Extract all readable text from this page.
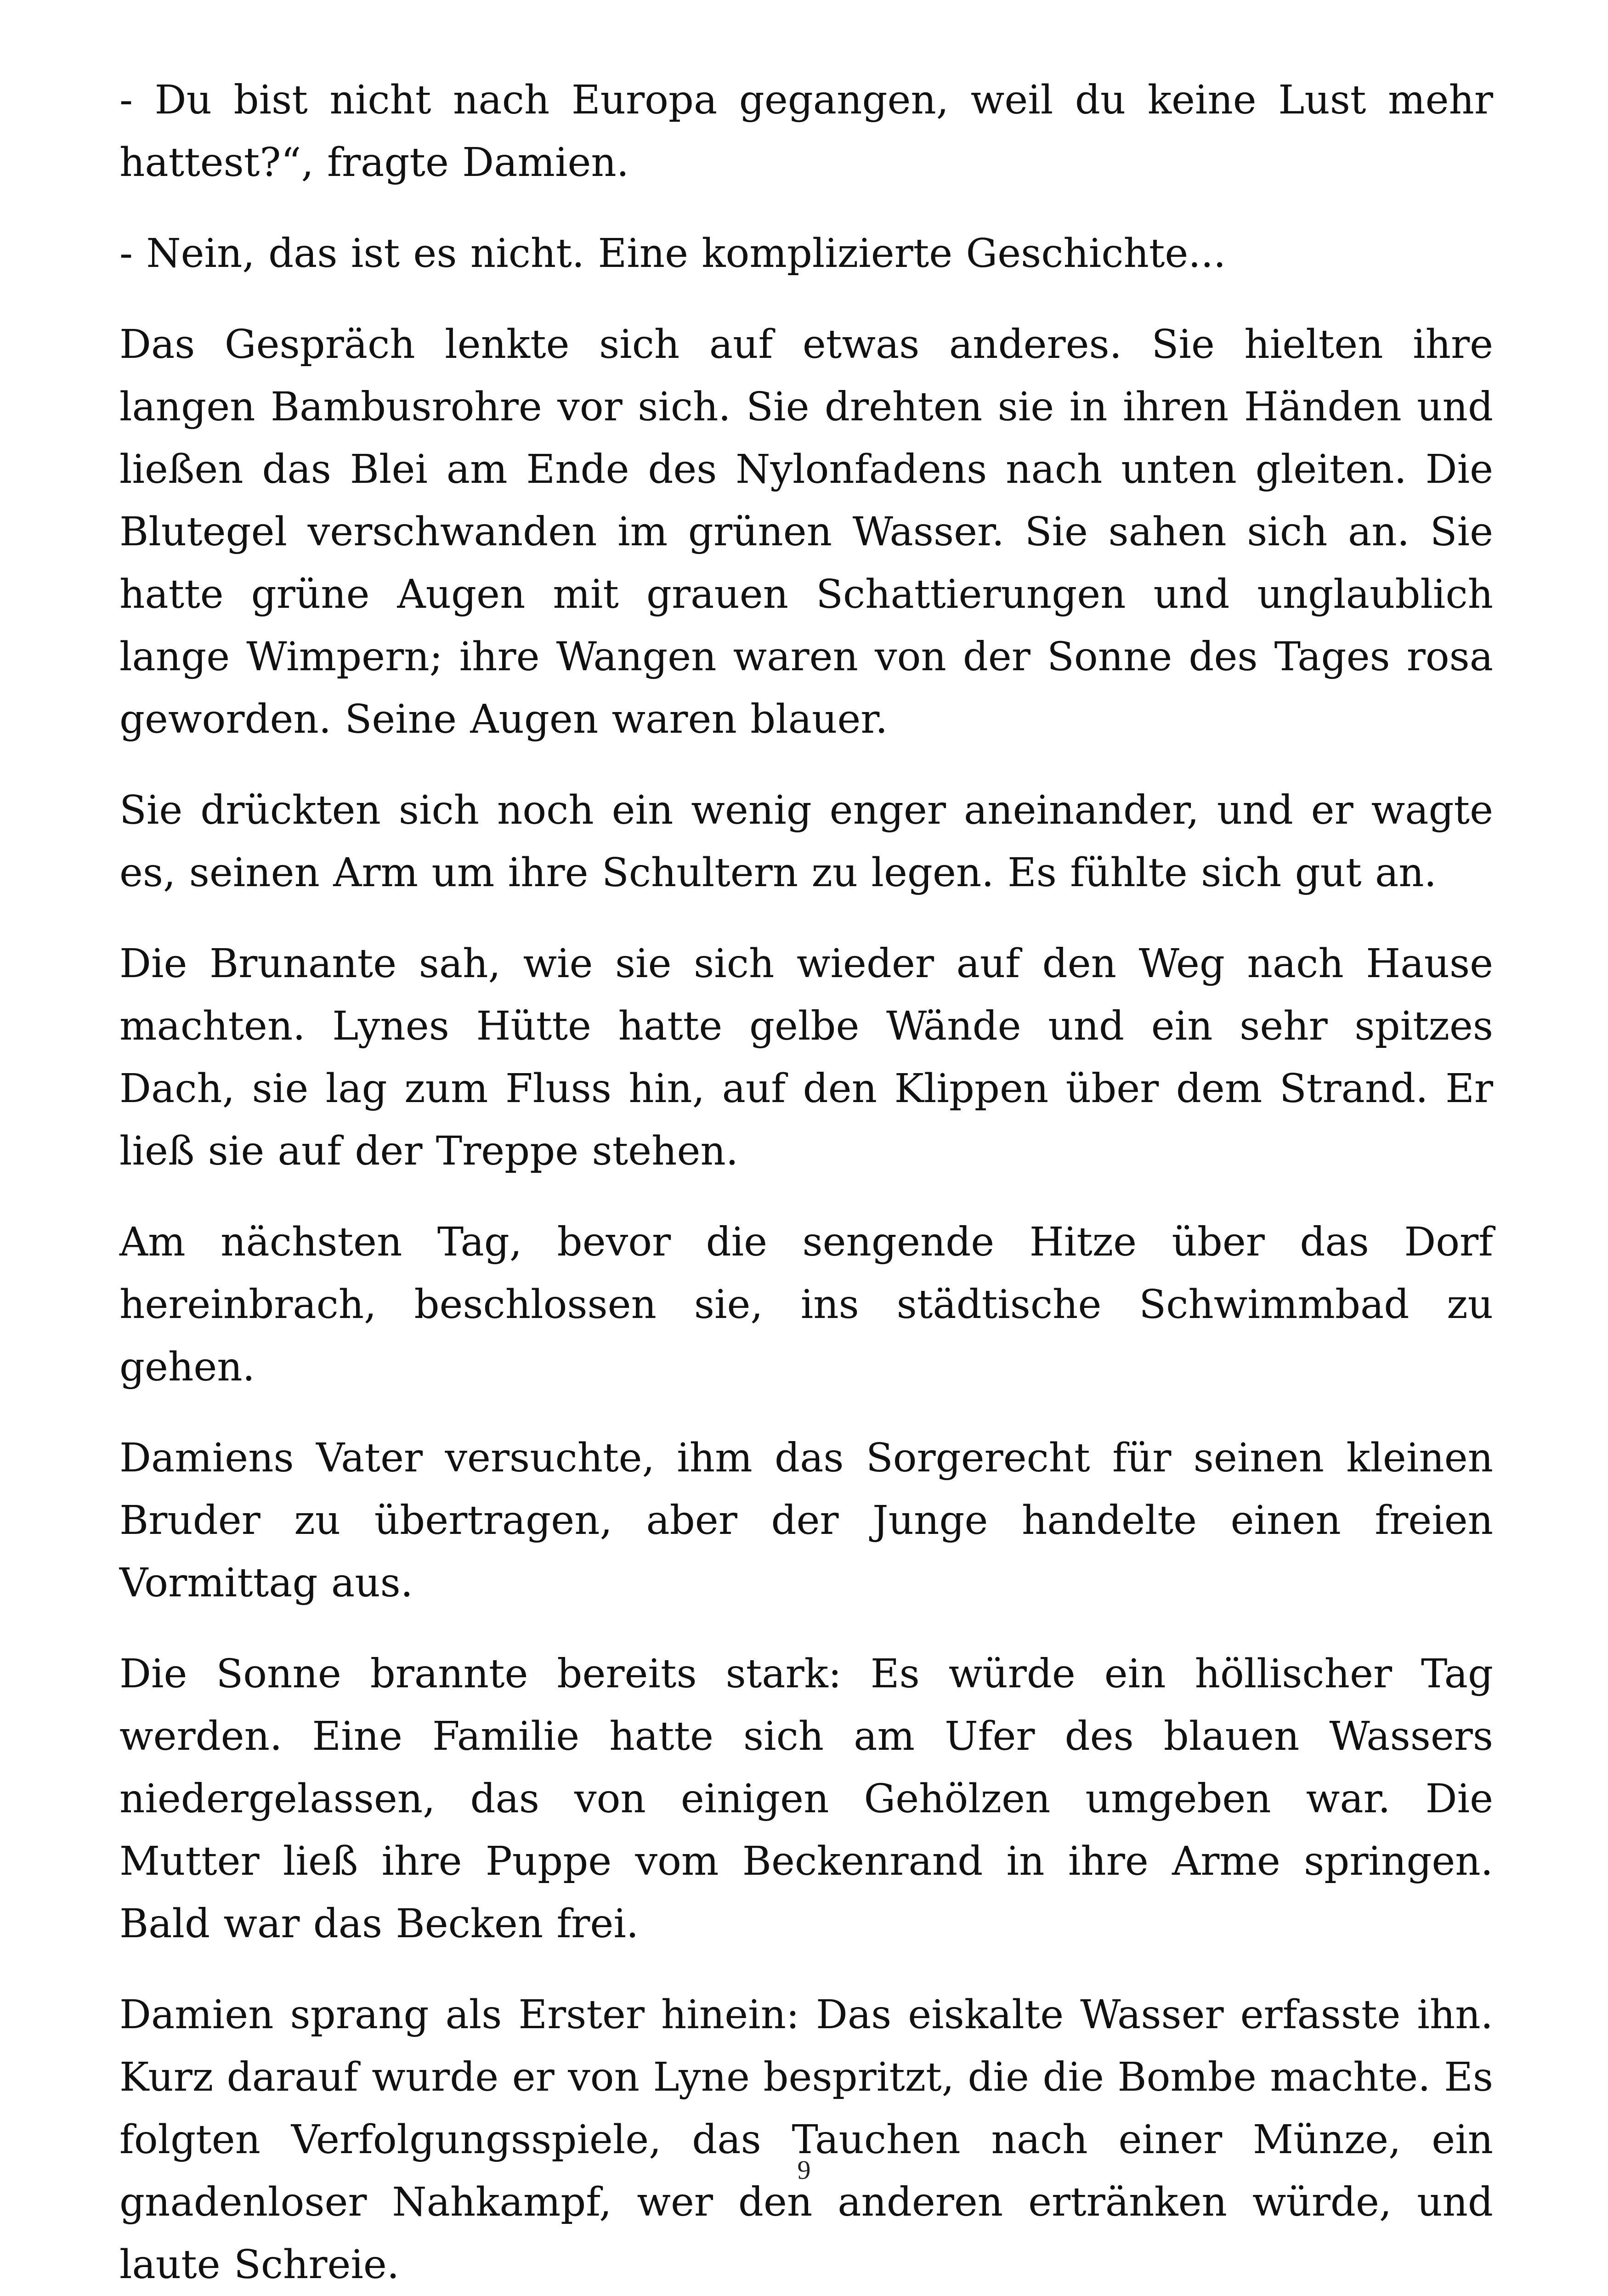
- Du bist nicht nach Europa gegangen, weil du keine Lust mehr hattest?“, fragte Damien.

- Nein, das ist es nicht. Eine komplizierte Geschichte...

Das Gespräch lenkte sich auf etwas anderes. Sie hielten ihre langen Bambusrohre vor sich. Sie drehten sie in ihren Händen und ließen das Blei am Ende des Nylonfadens nach unten gleiten. Die Blutegel verschwanden im grünen Wasser. Sie sahen sich an. Sie hatte grüne Augen mit grauen Schattierungen und unglaublich lange Wimpern; ihre Wangen waren von der Sonne des Tages rosa geworden. Seine Augen waren blauer.

Sie drückten sich noch ein wenig enger aneinander, und er wagte es, seinen Arm um ihre Schultern zu legen. Es fühlte sich gut an.

Die Brunante sah, wie sie sich wieder auf den Weg nach Hause machten. Lynes Hütte hatte gelbe Wände und ein sehr spitzes Dach, sie lag zum Fluss hin, auf den Klippen über dem Strand. Er ließ sie auf der Treppe stehen.

Am nächsten Tag, bevor die sengende Hitze über das Dorf hereinbrach, beschlossen sie, ins städtische Schwimmbad zu gehen.

Damiens Vater versuchte, ihm das Sorgerecht für seinen kleinen Bruder zu übertragen, aber der Junge handelte einen freien Vormittag aus.

Die Sonne brannte bereits stark: Es würde ein höllischer Tag werden. Eine Familie hatte sich am Ufer des blauen Wassers niedergelassen, das von einigen Gehölzen umgeben war. Die Mutter ließ ihre Puppe vom Beckenrand in ihre Arme springen. Bald war das Becken frei.

Damien sprang als Erster hinein: Das eiskalte Wasser erfasste ihn. Kurz darauf wurde er von Lyne bespritzt, die die Bombe machte. Es folgten Verfolgungsspiele, das Tauchen nach einer Münze, ein gnadenloser Nahkampf, wer den anderen ertränken würde, und laute Schreie.

9
